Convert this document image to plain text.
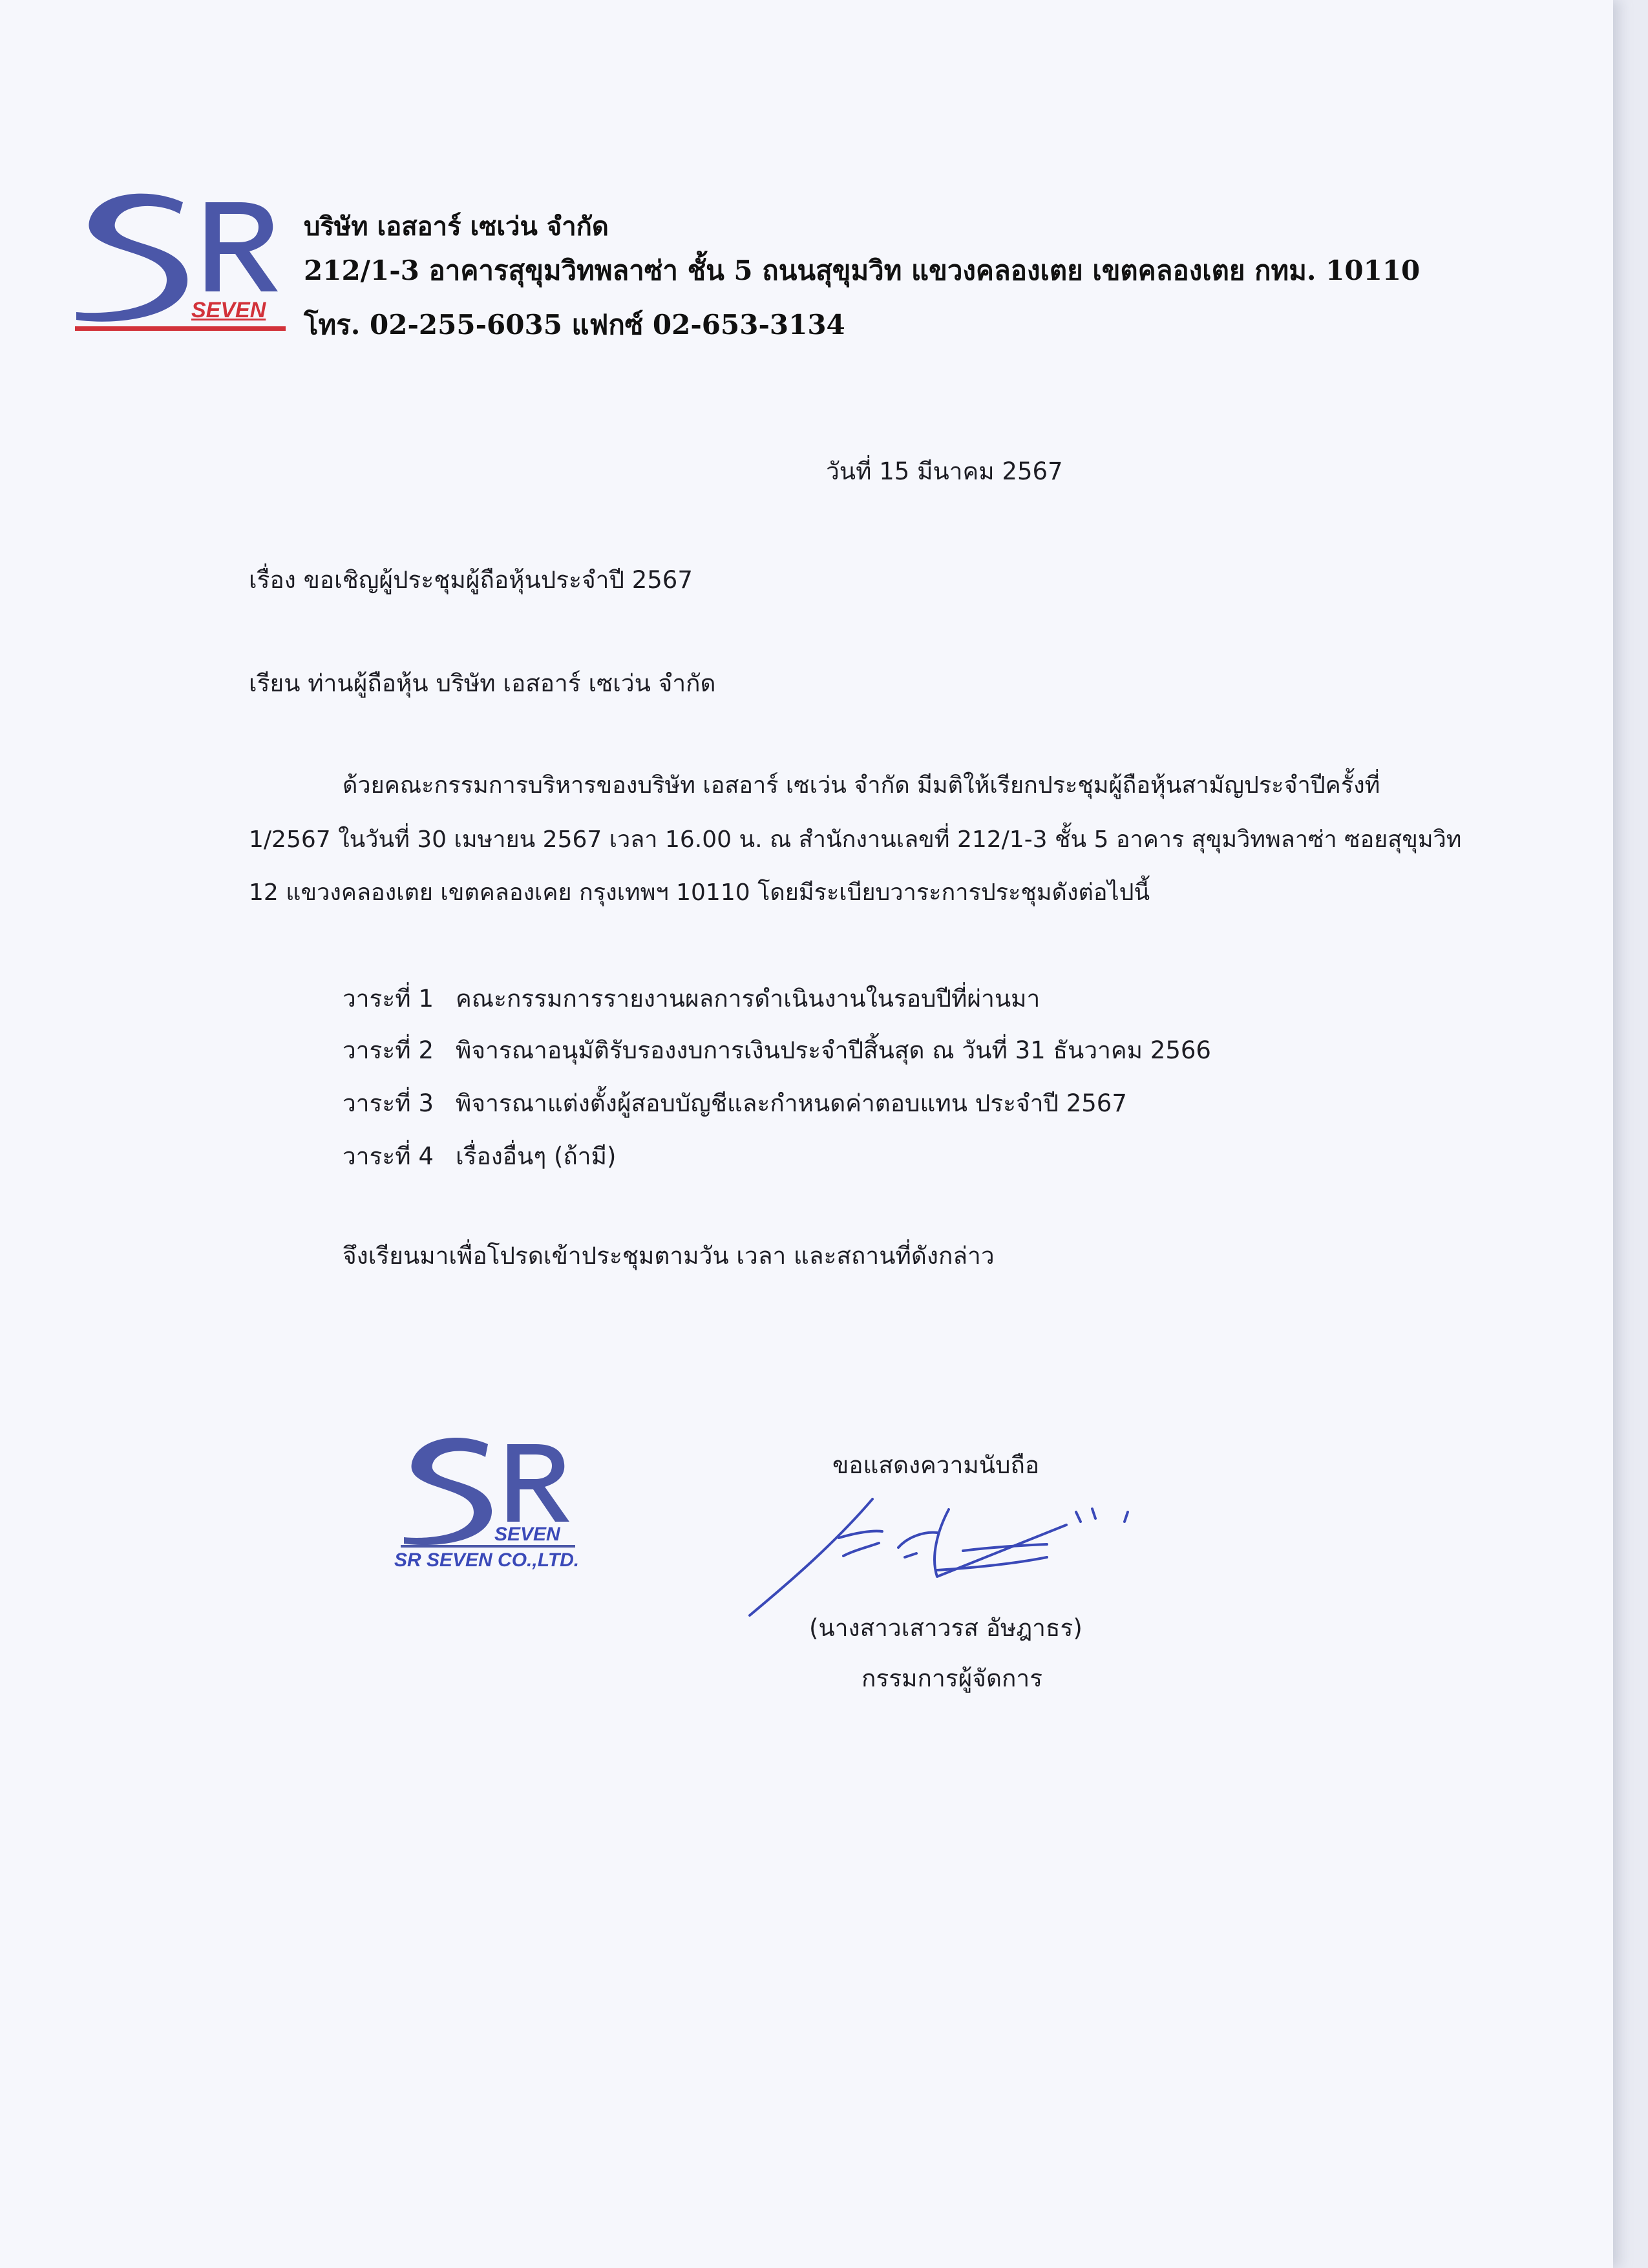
SEVEN
บริษัท เอสอาร์ เซเว่น จำกัด
212/1-3 อาคารสุขุมวิทพลาซ่า ชั้น 5 ถนนสุขุมวิท แขวงคลองเตย เขตคลองเตย กทม. 10110
โทร. 02-255-6035 แฟกซ์ 02-653-3134
วันที่ 15 มีนาคม 2567
เรื่อง ขอเชิญผู้ประชุมผู้ถือหุ้นประจำปี 2567
เรียน ท่านผู้ถือหุ้น บริษัท เอสอาร์ เซเว่น จำกัด
ด้วยคณะกรรมการบริหารของบริษัท เอสอาร์ เซเว่น จำกัด มีมติให้เรียกประชุมผู้ถือหุ้นสามัญประจำปีครั้งที่
1/2567 ในวันที่ 30 เมษายน 2567 เวลา 16.00 น. ณ สำนักงานเลขที่ 212/1-3 ชั้น 5 อาคาร สุขุมวิทพลาซ่า ซอยสุขุมวิท
12 แขวงคลองเตย เขตคลองเคย กรุงเทพฯ 10110 โดยมีระเบียบวาระการประชุมดังต่อไปนี้
วาระที่ 1 คณะกรรมการรายงานผลการดำเนินงานในรอบปีที่ผ่านมา
วาระที่ 2 พิจารณาอนุมัติรับรองงบการเงินประจำปีสิ้นสุด ณ วันที่ 31 ธันวาคม 2566
วาระที่ 3 พิจารณาแต่งตั้งผู้สอบบัญชีและกำหนดค่าตอบแทน ประจำปี 2567
วาระที่ 4 เรื่องอื่นๆ (ถ้ามี)
จึงเรียนมาเพื่อโปรดเข้าประชุมตามวัน เวลา และสถานที่ดังกล่าว
SEVEN
SR SEVEN CO.,LTD.
ขอแสดงความนับถือ
(นางสาวเสาวรส อัษฎาธร)
กรรมการผู้จัดการ
